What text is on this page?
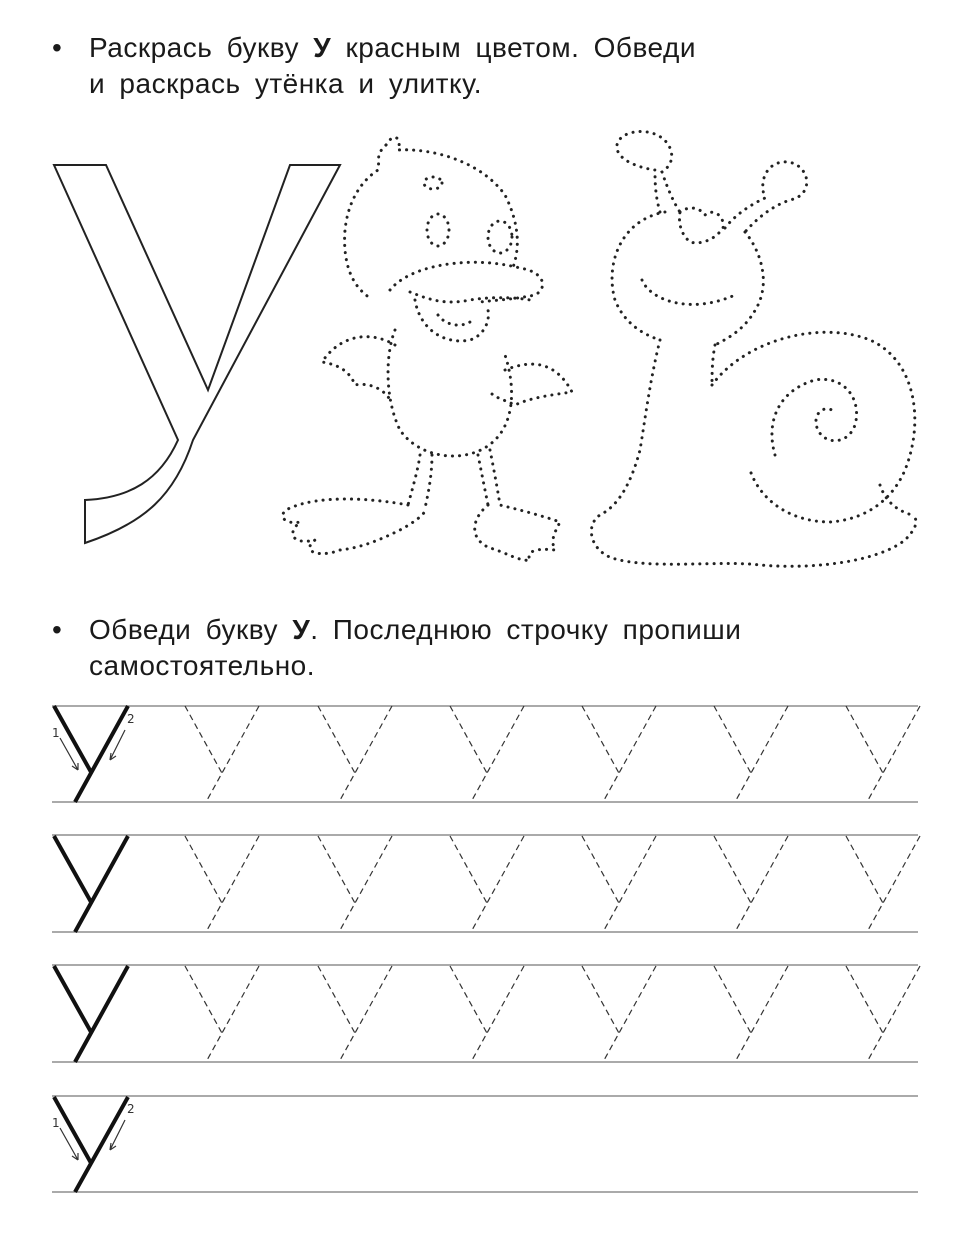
• Раскрась букву У красным цветом. Обведи
и раскрась утёнка и улитку.
• Обведи букву У. Последнюю строчку пропиши
самостоятельно.
1
2
1
2
